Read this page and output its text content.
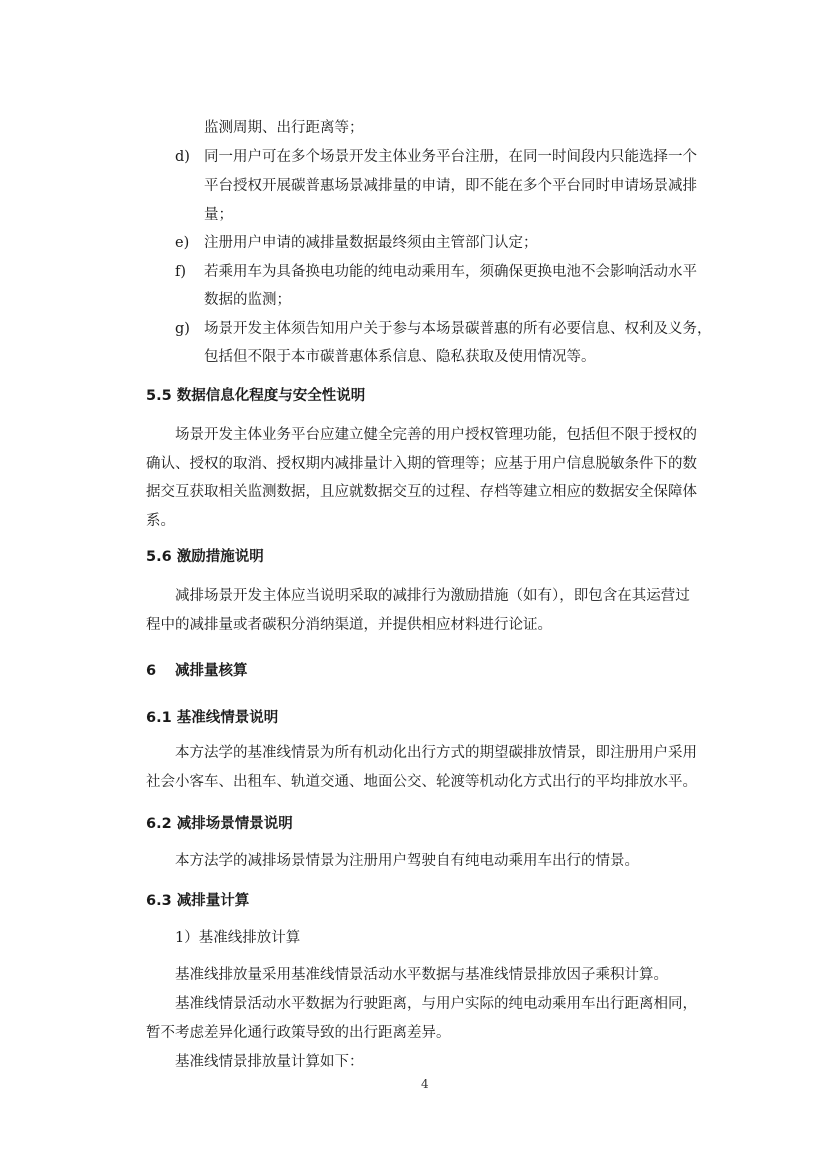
监测周期、出行距离等；
d) 同一用户可在多个场景开发主体业务平台注册，在同一时间段内只能选择一个
平台授权开展碳普惠场景减排量的申请，即不能在多个平台同时申请场景减排
量；
e) 注册用户申请的减排量数据最终须由主管部门认定；
f) 若乘用车为具备换电功能的纯电动乘用车，须确保更换电池不会影响活动水平
数据的监测；
g) 场景开发主体须告知用户关于参与本场景碳普惠的所有必要信息、权利及义务，
包括但不限于本市碳普惠体系信息、隐私获取及使用情况等。
5.5 数据信息化程度与安全性说明
场景开发主体业务平台应建立健全完善的用户授权管理功能，包括但不限于授权的
确认、授权的取消、授权期内减排量计入期的管理等；应基于用户信息脱敏条件下的数
据交互获取相关监测数据，且应就数据交互的过程、存档等建立相应的数据安全保障体
系。
5.6 激励措施说明
减排场景开发主体应当说明采取的减排行为激励措施（如有），即包含在其运营过
程中的减排量或者碳积分消纳渠道，并提供相应材料进行论证。
6 减排量核算
6.1 基准线情景说明
本方法学的基准线情景为所有机动化出行方式的期望碳排放情景，即注册用户采用
社会小客车、出租车、轨道交通、地面公交、轮渡等机动化方式出行的平均排放水平。
6.2 减排场景情景说明
本方法学的减排场景情景为注册用户驾驶自有纯电动乘用车出行的情景。
6.3 减排量计算
1）基准线排放计算
基准线排放量采用基准线情景活动水平数据与基准线情景排放因子乘积计算。
基准线情景活动水平数据为行驶距离，与用户实际的纯电动乘用车出行距离相同，
暂不考虑差异化通行政策导致的出行距离差异。
基准线情景排放量计算如下：
4
